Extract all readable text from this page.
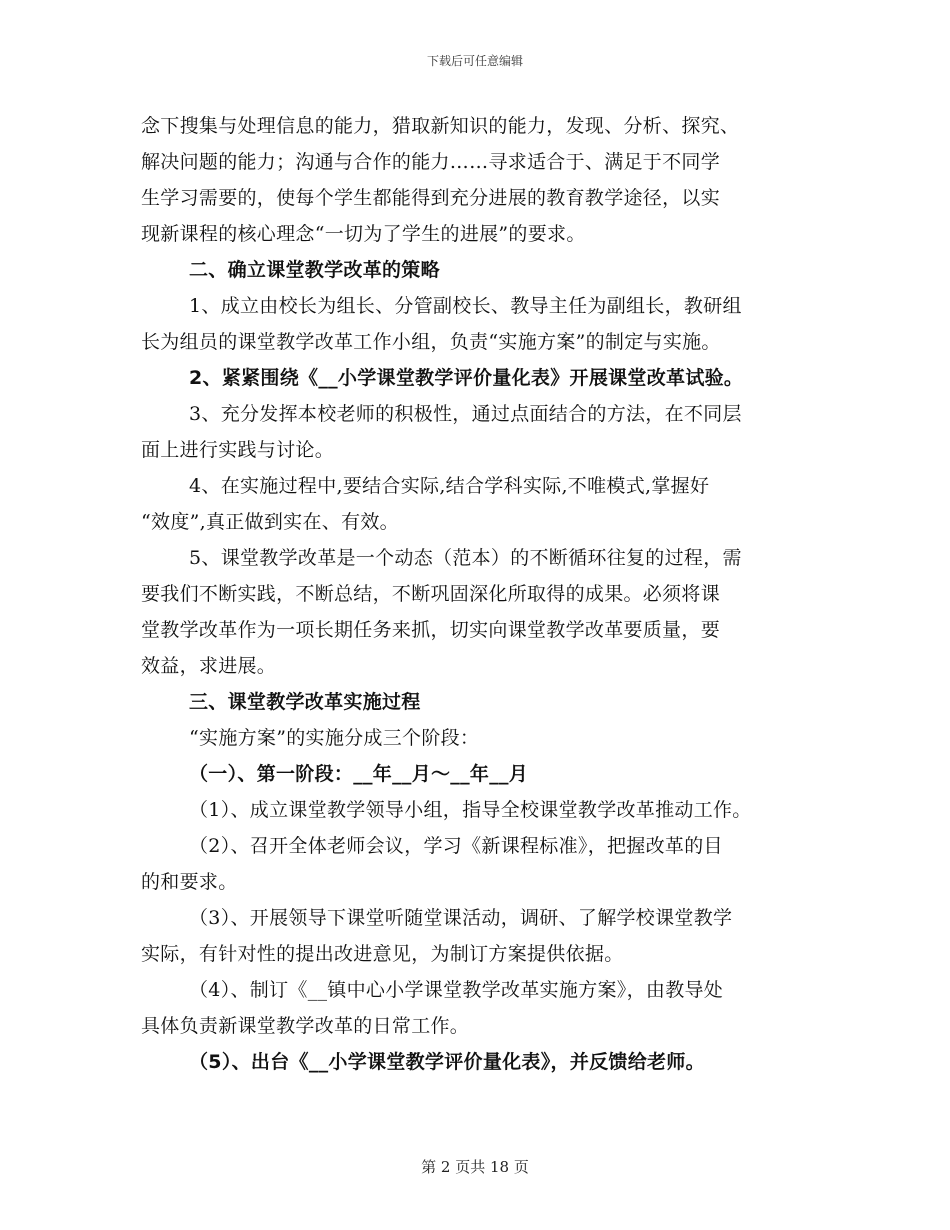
下载后可任意编辑
念下搜集与处理信息的能力，猎取新知识的能力，发现、分析、探究、
解决问题的能力；沟通与合作的能力……寻求适合于、满足于不同学
生学习需要的，使每个学生都能得到充分进展的教育教学途径，以实
现新课程的核心理念“一切为了学生的进展”的要求。
二、确立课堂教学改革的策略
1、成立由校长为组长、分管副校长、教导主任为副组长，教研组
长为组员的课堂教学改革工作小组，负责“实施方案”的制定与实施。
2、紧紧围绕《__小学课堂教学评价量化表》开展课堂改革试验。
3、充分发挥本校老师的积极性，通过点面结合的方法，在不同层
面上进行实践与讨论。
4、在实施过程中,要结合实际,结合学科实际,不唯模式,掌握好
“效度”,真正做到实在、有效。
5、课堂教学改革是一个动态（范本）的不断循环往复的过程，需
要我们不断实践，不断总结，不断巩固深化所取得的成果。必须将课
堂教学改革作为一项长期任务来抓，切实向课堂教学改革要质量，要
效益，求进展。
三、课堂教学改革实施过程
“实施方案”的实施分成三个阶段：
（一）、第一阶段：__年__月～__年__月
（1）、成立课堂教学领导小组，指导全校课堂教学改革推动工作。
（2）、召开全体老师会议，学习《新课程标准》，把握改革的目
的和要求。
（3）、开展领导下课堂听随堂课活动，调研、了解学校课堂教学
实际，有针对性的提出改进意见，为制订方案提供依据。
（4）、制订《__镇中心小学课堂教学改革实施方案》，由教导处
具体负责新课堂教学改革的日常工作。
（5）、出台《__小学课堂教学评价量化表》，并反馈给老师。
第 2 页共 18 页
